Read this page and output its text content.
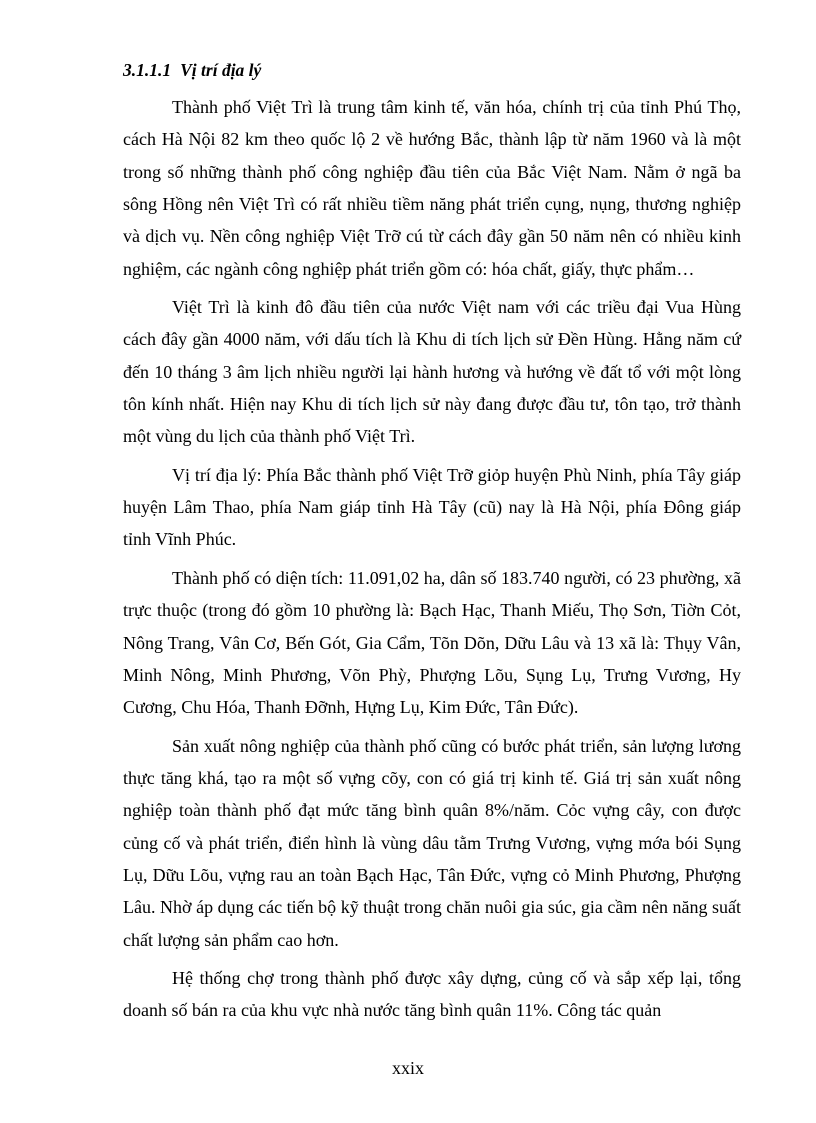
3.1.1.1 Vị trí địa lý

Thành phố Việt Trì là trung tâm kinh tế, văn hóa, chính trị của tỉnh Phú Thọ, cách Hà Nội 82 km theo quốc lộ 2 về hướng Bắc, thành lập từ năm 1960 và là một trong số những thành phố công nghiệp đầu tiên của Bắc Việt Nam. Nằm ở ngã ba sông Hồng nên Việt Trì có rất nhiều tiềm năng phát triển cụng, nụng, thương nghiệp và dịch vụ. Nền công nghiệp Việt Trỡ cú từ cách đây gần 50 năm nên có nhiều kinh nghiệm, các ngành công nghiệp phát triển gồm có: hóa chất, giấy, thực phẩm…

Việt Trì là kinh đô đầu tiên của nước Việt nam với các triều đại Vua Hùng cách đây gần 4000 năm, với dấu tích là Khu di tích lịch sử Đền Hùng. Hằng năm cứ đến 10 tháng 3 âm lịch nhiều người lại hành hương và hướng về đất tổ với một lòng tôn kính nhất. Hiện nay Khu di tích lịch sử này đang được đầu tư, tôn tạo, trở thành một vùng du lịch của thành phố Việt Trì.

Vị trí địa lý: Phía Bắc thành phố Việt Trỡ giỏp huyện Phù Ninh, phía Tây giáp huyện Lâm Thao, phía Nam giáp tỉnh Hà Tây (cũ) nay là Hà Nội, phía Đông giáp tỉnh Vĩnh Phúc.

Thành phố có diện tích: 11.091,02 ha, dân số 183.740 người, có 23 phường, xã trực thuộc (trong đó gồm 10 phường là: Bạch Hạc, Thanh Miếu, Thọ Sơn, Tiờn Cỏt, Nông Trang, Vân Cơ, Bến Gót, Gia Cẩm, Tõn Dõn, Dữu Lâu và 13 xã là: Thụy Vân, Minh Nông, Minh Phương, Võn Phỳ, Phượng Lõu, Sụng Lụ, Trưng Vương, Hy Cương, Chu Hóa, Thanh Đỡnh, Hựng Lụ, Kim Đức, Tân Đức).

Sản xuất nông nghiệp của thành phố cũng có bước phát triển, sản lượng lương thực tăng khá, tạo ra một số vựng cõy, con có giá trị kinh tế. Giá trị sản xuất nông nghiệp toàn thành phố đạt mức tăng bình quân 8%/năm. Cỏc vựng cây, con được củng cố và phát triển, điển hình là vùng dâu tằm Trưng Vương, vựng mớa bói Sụng Lụ, Dữu Lõu, vựng rau an toàn Bạch Hạc, Tân Đức, vựng cỏ Minh Phương, Phượng Lâu. Nhờ áp dụng các tiến bộ kỹ thuật trong chăn nuôi gia súc, gia cầm nên năng suất chất lượng sản phẩm cao hơn.

Hệ thống chợ trong thành phố được xây dựng, củng cố và sắp xếp lại, tổng doanh số bán ra của khu vực nhà nước tăng bình quân 11%. Công tác quản

xxix
